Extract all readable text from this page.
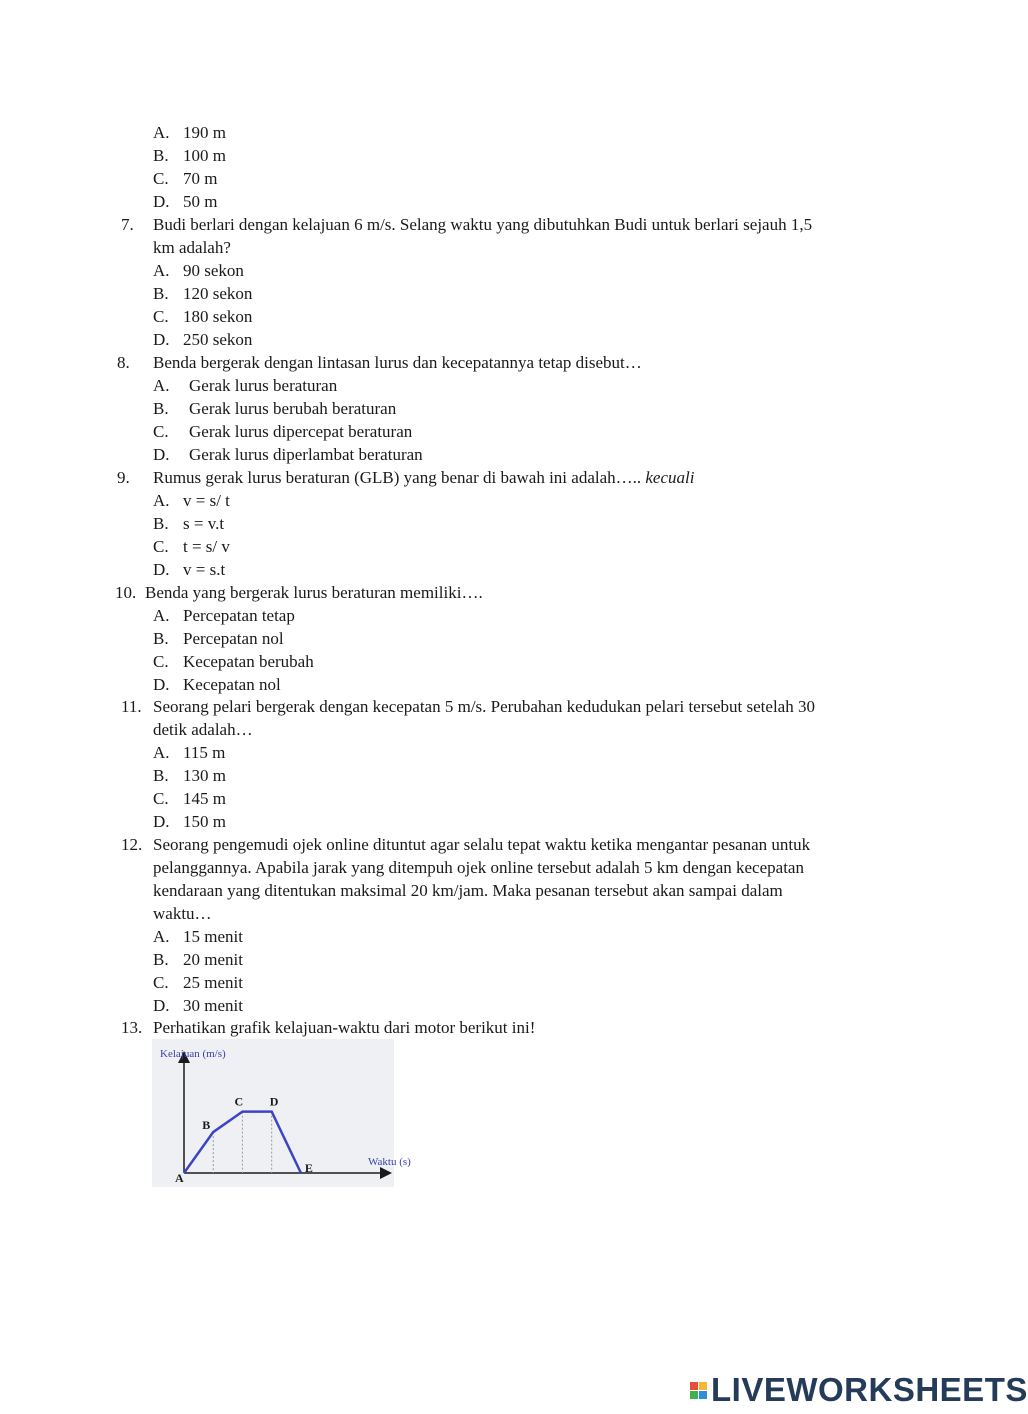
A. 190 m
B. 100 m
C. 70 m
D. 50 m
7. Budi berlari dengan kelajuan 6 m/s. Selang waktu yang dibutuhkan Budi untuk berlari sejauh 1,5
km adalah?
A. 90 sekon
B. 120 sekon
C. 180 sekon
D. 250 sekon
8. Benda bergerak dengan lintasan lurus dan kecepatannya tetap disebut…
A. Gerak lurus beraturan
B. Gerak lurus berubah beraturan
C. Gerak lurus dipercepat beraturan
D. Gerak lurus diperlambat beraturan
9. Rumus gerak lurus beraturan (GLB) yang benar di bawah ini adalah….. kecuali
A. v = s/ t
B. s = v.t
C. t = s/ v
D. v = s.t
10. Benda yang bergerak lurus beraturan memiliki….
A. Percepatan tetap
B. Percepatan nol
C. Kecepatan berubah
D. Kecepatan nol
11. Seorang pelari bergerak dengan kecepatan 5 m/s. Perubahan kedudukan pelari tersebut setelah 30
detik adalah…
A. 115 m
B. 130 m
C. 145 m
D. 150 m
12. Seorang pengemudi ojek online dituntut agar selalu tepat waktu ketika mengantar pesanan untuk
pelanggannya. Apabila jarak yang ditempuh ojek online tersebut adalah 5 km dengan kecepatan
kendaraan yang ditentukan maksimal 20 km/jam. Maka pesanan tersebut akan sampai dalam
waktu…
A. 15 menit
B. 20 menit
C. 25 menit
D. 30 menit
13. Perhatikan grafik kelajuan-waktu dari motor berikut ini!
A
B
C D
E
Kelajuan (m/s)
Waktu (s)
LIVEWORKSHEETS
